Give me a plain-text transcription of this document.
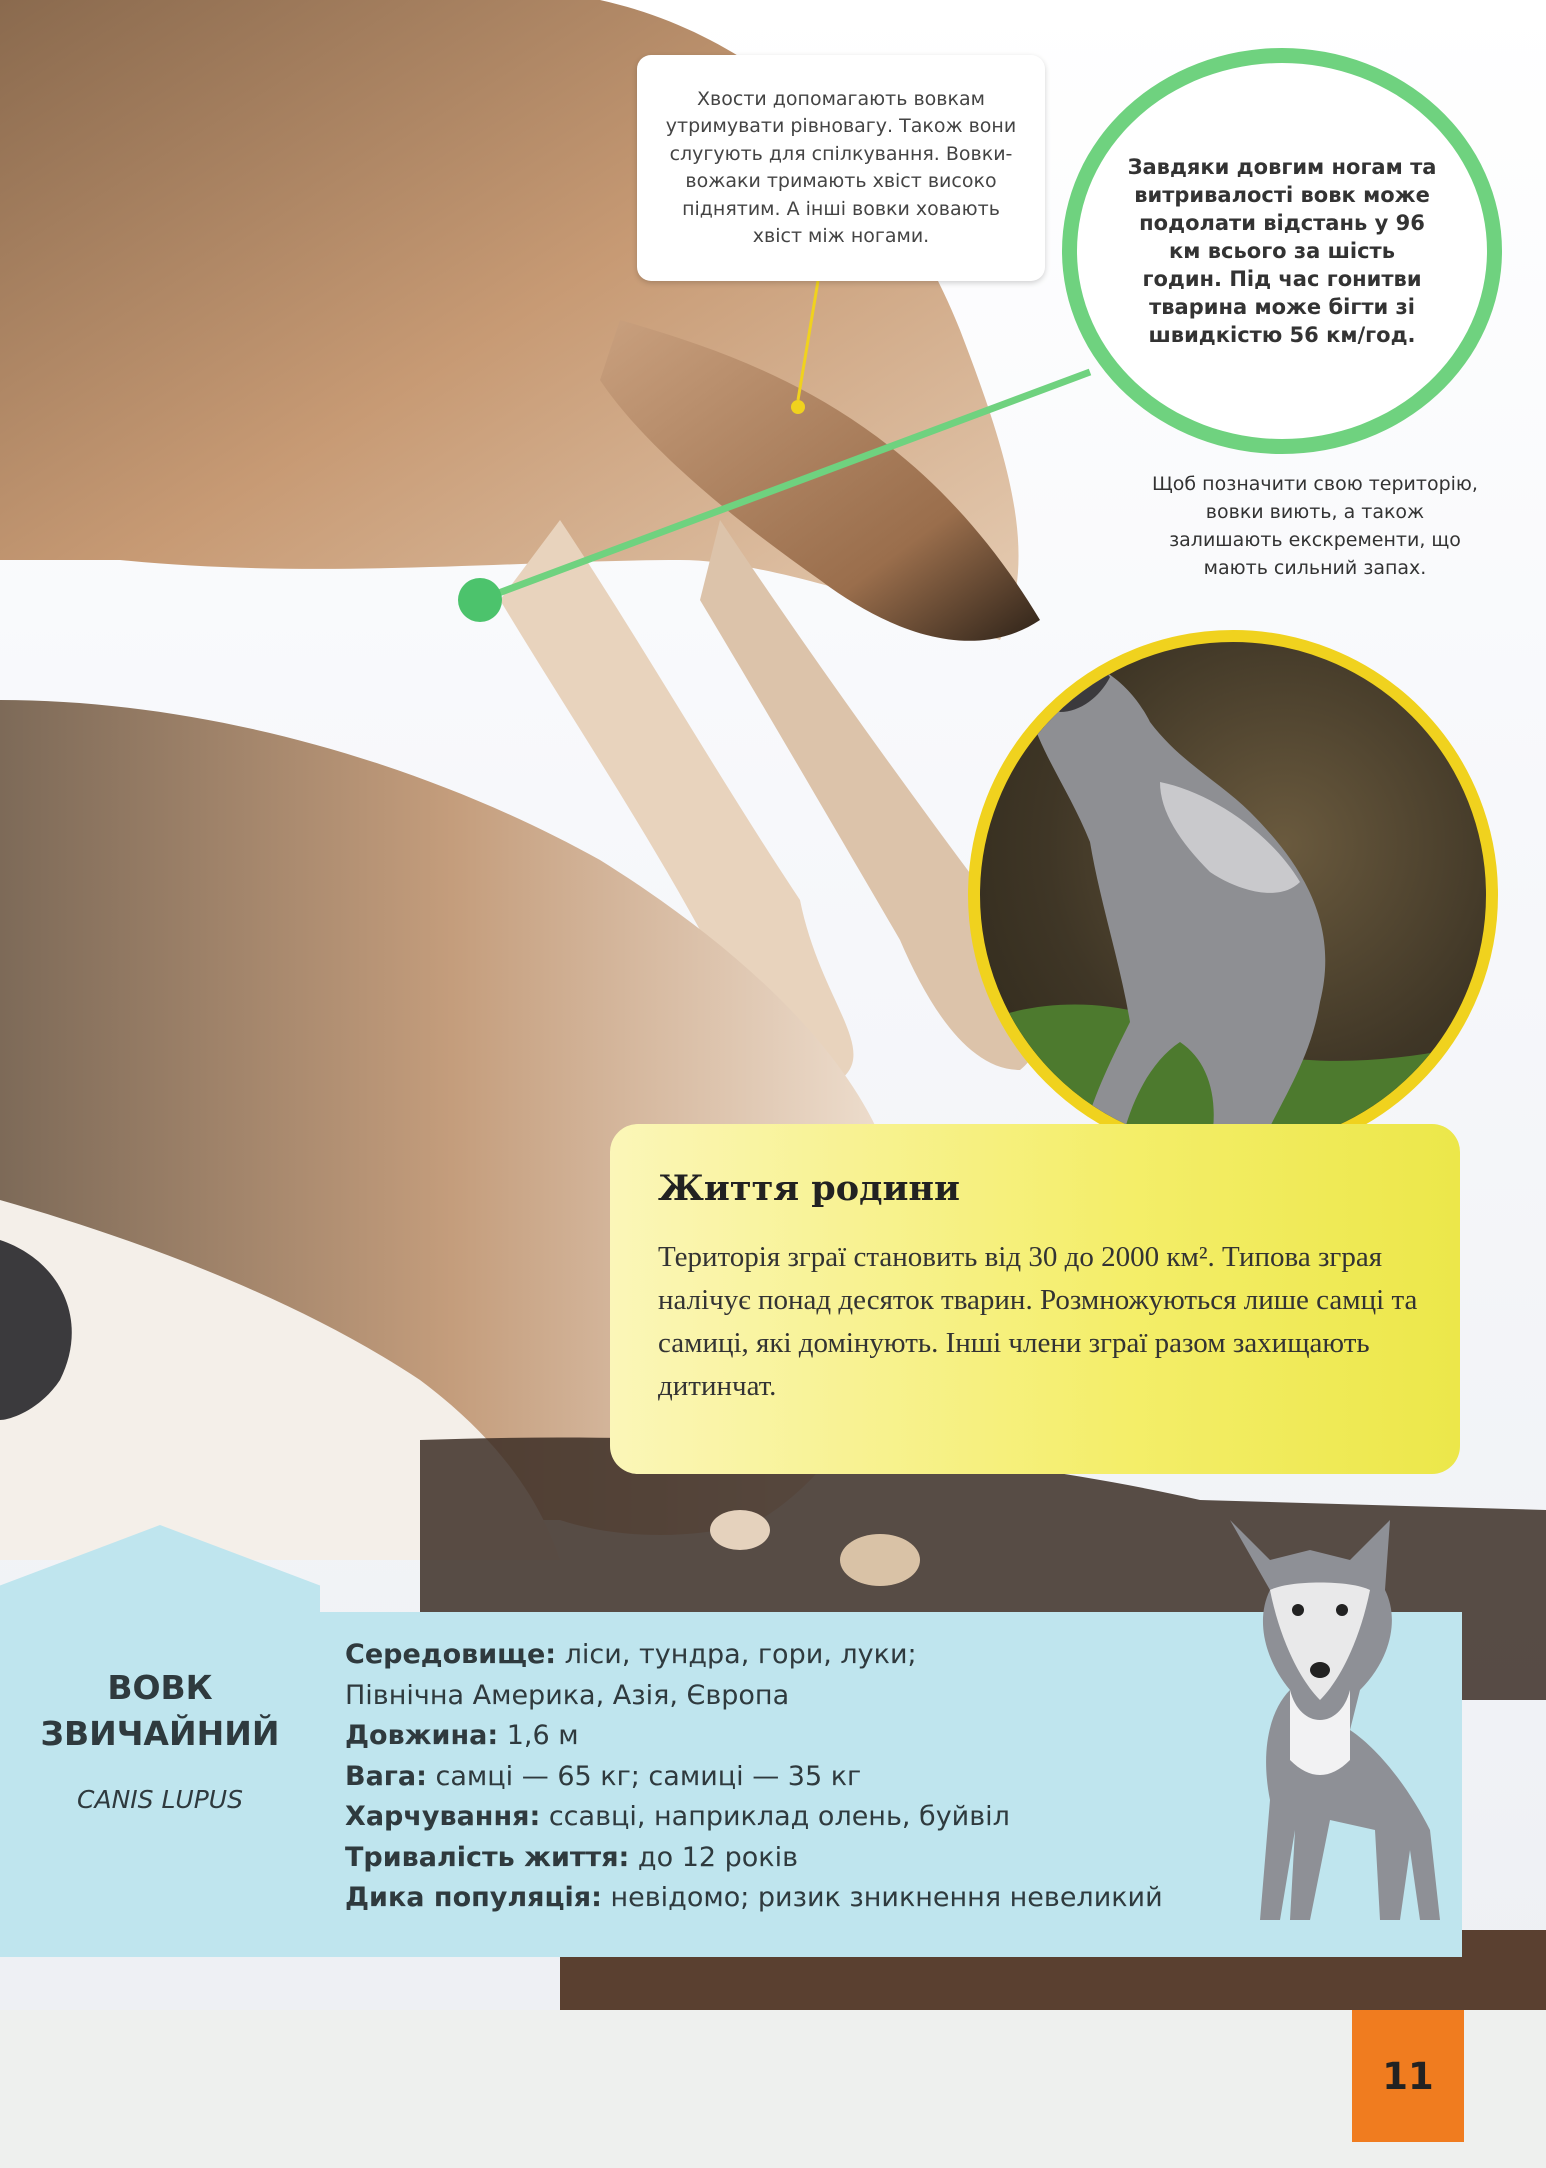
Хвости допомагають вовкам утримувати рівновагу. Також вони слугують для спілкування. Вовки-вожаки тримають хвіст високо піднятим. А інші вовки ховають хвіст між ногами.

Завдяки довгим ногам та витривалості вовк може подолати відстань у 96 км всього за шість годин. Під час гонитви тварина може бігти зі швидкістю 56 км/год.

Щоб позначити свою територію, вовки виють, а також залишають екскременти, що мають сильний запах.
Життя родини

Територія зграї становить від 30 до 2000 км². Типова зграя налічує понад десяток тварин. Розмножуються лише самці та самиці, які домінують. Інші члени зграї разом захищають дитинчат.

ВОВК ЗВИЧАЙНИЙ
CANIS LUPUS
Середовище: ліси, тундра, гори, луки;
Північна Америка, Азія, Європа
Довжина: 1,6 м
Вага: самці — 65 кг; самиці — 35 кг
Харчування: ссавці, наприклад олень, буйвіл
Тривалість життя: до 12 років
Дика популяція: невідомо; ризик зникнення невеликий
11
